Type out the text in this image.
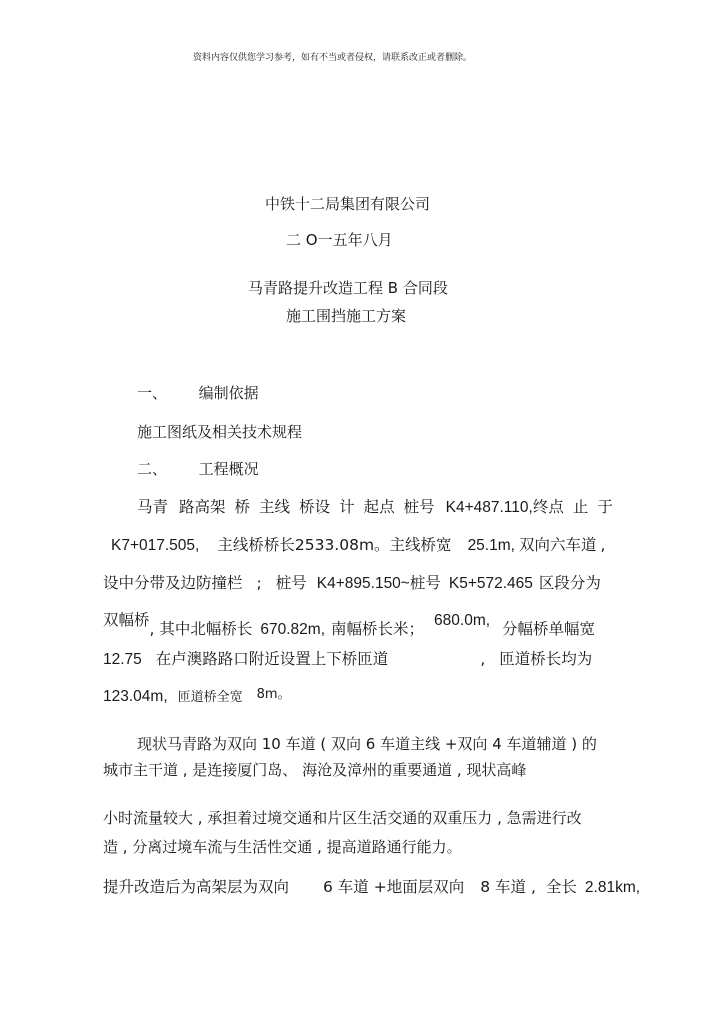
资料内容仅供您学习参考，如有不当或者侵权，请联系改正或者删除。
中铁十二局集团有限公司
二 O一五年八月
马青路提升改造工程 B 合同段
施工围挡施工方案
一、 编制依据
施工图纸及相关技术规程
二、 工程概况
马青 路高架 桥 主线 桥设 计 起点 桩号 K4+487.110,终点 止 于
K7+017.505, 主线桥桥长2533.08m。主线桥宽 25.1m, 双向六车道 ,
设中分带及边防撞栏 ; 桩号 K4+895.150~桩号 K5+572.465 区段分为
双幅桥, 其中北幅桥长 670.82m, 南幅桥长米； 680.0m, 分幅桥单幅宽
12.75 在卢澳路路口附近设置上下桥匝道	, 匝道桥长均为
123.04m, 匝道桥全宽 8m。
现状马青路为双向 10 车道 ( 双向 6 车道主线 +双向 4 车道辅道 ) 的
城市主干道 , 是连接厦门岛、 海沧及漳州的重要通道 , 现状高峰
小时流量较大 , 承担着过境交通和片区生活交通的双重压力 , 急需进行改
造 , 分离过境车流与生活性交通 , 提高道路通行能力。
提升改造后为高架层为双向 6 车道 +地面层双向 8 车道 , 全长 2.81km,
